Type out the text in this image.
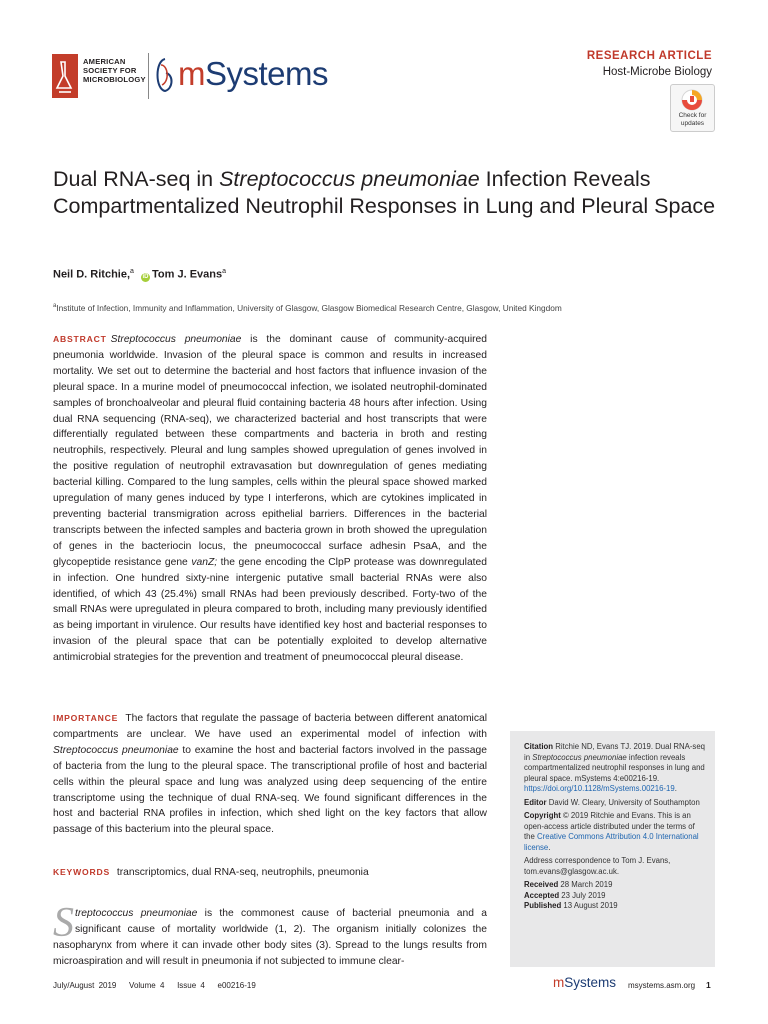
AMERICAN
SOCIETY FOR
MICROBIOLOGY mSystems	RESEARCH ARTICLE
Host-Microbe Biology
Check for
updates
Dual RNA-seq in Streptococcus pneumoniae Infection Reveals Compartmentalized Neutrophil Responses in Lung and Pleural Space
Neil D. Ritchie,$^a$ iD Tom J. Evans$^a$
$^a$Institute of Infection, Immunity and Inflammation, University of Glasgow, Glasgow Biomedical Research Centre, Glasgow, United Kingdom
ABSTRACT Streptococcus pneumoniae is the dominant cause of community-acquired pneumonia worldwide. Invasion of the pleural space is common and results in increased mortality. We set out to determine the bacterial and host factors that influence invasion of the pleural space. In a murine model of pneumococcal infection, we isolated neutrophil-dominated samples of bronchoalveolar and pleural fluid containing bacteria 48 hours after infection. Using dual RNA sequencing (RNA-seq), we characterized bacterial and host transcripts that were differentially regulated between these compartments and bacteria in broth and resting neutrophils, respectively. Pleural and lung samples showed upregulation of genes involved in the positive regulation of neutrophil extravasation but downregulation of genes mediating bacterial killing. Compared to the lung samples, cells within the pleural space showed marked upregulation of many genes induced by type I interferons, which are cytokines implicated in preventing bacterial transmigration across epithelial barriers. Differences in the bacterial transcripts between the infected samples and bacteria grown in broth showed the upregulation of genes in the bacteriocin locus, the pneumococcal surface adhesin PsaA, and the glycopeptide resistance gene vanZ; the gene encoding the ClpP protease was downregulated in infection. One hundred sixty-nine intergenic putative small bacterial RNAs were also identified, of which 43 (25.4%) small RNAs had been previously described. Forty-two of the small RNAs were upregulated in pleura compared to broth, including many previously identified as being important in virulence. Our results have identified key host and bacterial responses to invasion of the pleural space that can be potentially exploited to develop alternative antimicrobial strategies for the prevention and treatment of pneumococcal pleural disease.
IMPORTANCE The factors that regulate the passage of bacteria between different anatomical compartments are unclear. We have used an experimental model of infection with Streptococcus pneumoniae to examine the host and bacterial factors involved in the passage of bacteria from the lung to the pleural space. The transcriptional profile of host and bacterial cells within the pleural space and lung was analyzed using deep sequencing of the entire transcriptome using the technique of dual RNA-seq. We found significant differences in the host and bacterial RNA profiles in infection, which shed light on the key factors that allow passage of this bacterium into the pleural space.
KEYWORDS transcriptomics, dual RNA-seq, neutrophils, pneumonia
Streptococcus pneumoniae is the commonest cause of bacterial pneumonia and a significant cause of mortality worldwide (1, 2). The organism initially colonizes the nasopharynx from where it can invade other body sites (3). Spread to the lungs results from microaspiration and will result in pneumonia if not subjected to immune clear-

Citation Ritchie ND, Evans TJ. 2019. Dual RNA-seq in Streptococcus pneumoniae infection reveals compartmentalized neutrophil responses in lung and pleural space. mSystems 4:e00216-19. https://doi.org/10.1128/mSystems.00216-19.

Editor David W. Cleary, University of Southampton

Copyright © 2019 Ritchie and Evans. This is an open-access article distributed under the terms of the Creative Commons Attribution 4.0 International license.

Address correspondence to Tom J. Evans, tom.evans@glasgow.ac.uk.

Received 28 March 2019
Accepted 23 July 2019
Published 13 August 2019
July/August 2019   Volume 4   Issue 4   e00216-19	mSystems msystems.asm.org 1
